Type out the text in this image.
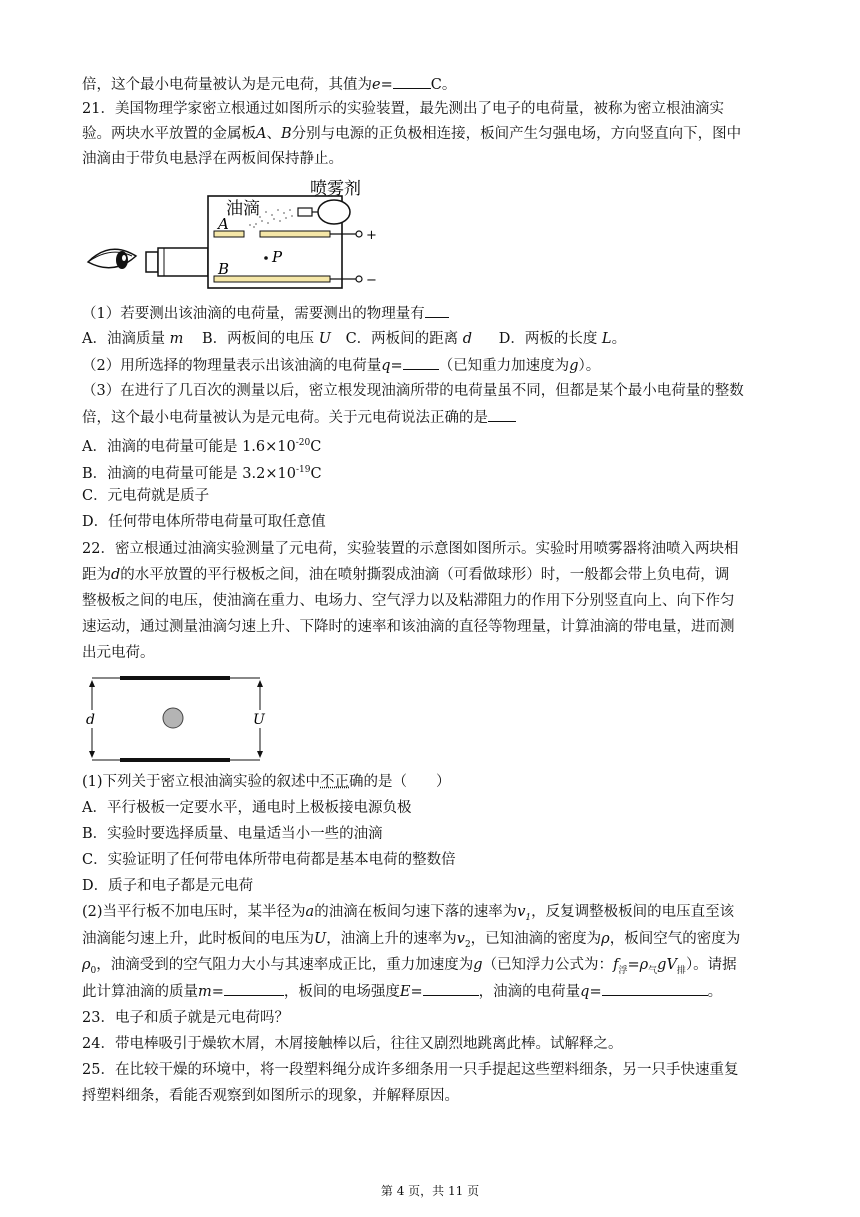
倍，这个最小电荷量被认为是元电荷，其值为e=	C。
21．美国物理学家密立根通过如图所示的实验装置，最先测出了电子的电荷量，被称为密立根油滴实
验。两块水平放置的金属板A、B分别与电源的正负极相连接，板间产生匀强电场，方向竖直向下，图中
油滴由于带负电悬浮在两板间保持静止。
油滴
喷雾剂
A
B
P
+
−
（1）若要测出该油滴的电荷量，需要测出的物理量有
A．油滴质量 m B．两板间的电压 U C．两板间的距离 d D．两板的长度 L。
（2）用所选择的物理量表示出该油滴的电荷量q= （已知重力加速度为g）。
（3）在进行了几百次的测量以后，密立根发现油滴所带的电荷量虽不同，但都是某个最小电荷量的整数
倍，这个最小电荷量被认为是元电荷。关于元电荷说法正确的是
A．油滴的电荷量可能是 $1.6\times 10^{-20}C$
B．油滴的电荷量可能是 $3.2\times 10^{-19}C$
C．元电荷就是质子
D．任何带电体所带电荷量可取任意值
22．密立根通过油滴实验测量了元电荷，实验装置的示意图如图所示。实验时用喷雾器将油喷入两块相
距为d的水平放置的平行极板之间，油在喷射撕裂成油滴（可看做球形）时，一般都会带上负电荷，调
整极板之间的电压，使油滴在重力、电场力、空气浮力以及粘滞阻力的作用下分别竖直向上、向下作匀
速运动，通过测量油滴匀速上升、下降时的速率和该油滴的直径等物理量，计算油滴的带电量，进而测
出元电荷。
d	U
(1)下列关于密立根油滴实验的叙述中不正确的是（　　）
A．平行极板一定要水平，通电时上极板接电源负极
B．实验时要选择质量、电量适当小一些的油滴
C．实验证明了任何带电体所带电荷都是基本电荷的整数倍
D．质子和电子都是元电荷
(2)当平行板不加电压时，某半径为a的油滴在板间匀速下落的速率为$v_1$，反复调整极板间的电压直至该
油滴能匀速上升，此时板间的电压为U，油滴上升的速率为$v_2$，已知油滴的密度为ρ，板间空气的密度为
$\rho_0$，油滴受到的空气阻力大小与其速率成正比，重力加速度为g（已知浮力公式为：$f_浮=\rho_气gV_排$）。请据
此计算油滴的质量m=	，板间的电场强度E=	，油滴的电荷量q=	。
23．电子和质子就是元电荷吗？
24．带电棒吸引于燥软木屑，木屑接触棒以后，往往又剧烈地跳离此棒。试解释之。
25．在比较干燥的环境中，将一段塑料绳分成许多细条用一只手提起这些塑料细条，另一只手快速重复
捋塑料细条，看能否观察到如图所示的现象，并解释原因。
第 4 页，共 11 页
